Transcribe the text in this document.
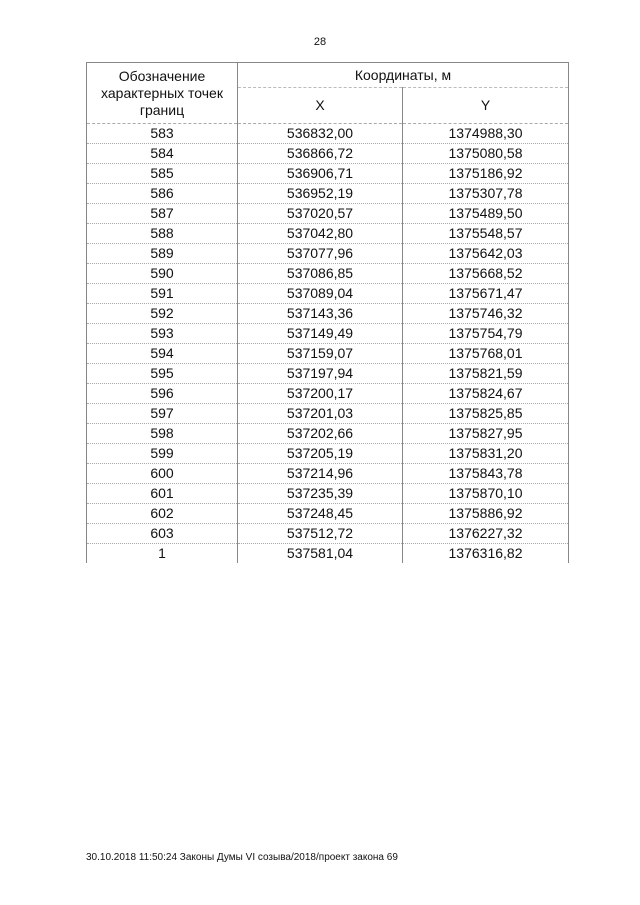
28
Обозначение характерных точек границ	Координаты, м	
	X	Y
583	536832,00	1374988,30
584	536866,72	1375080,58
585	536906,71	1375186,92
586	536952,19	1375307,78
587	537020,57	1375489,50
588	537042,80	1375548,57
589	537077,96	1375642,03
590	537086,85	1375668,52
591	537089,04	1375671,47
592	537143,36	1375746,32
593	537149,49	1375754,79
594	537159,07	1375768,01
595	537197,94	1375821,59
596	537200,17	1375824,67
597	537201,03	1375825,85
598	537202,66	1375827,95
599	537205,19	1375831,20
600	537214,96	1375843,78
601	537235,39	1375870,10
602	537248,45	1375886,92
603	537512,72	1376227,32
1	537581,04	1376316,82
30.10.2018 11:50:24 Законы Думы VI созыва/2018/проект закона 69
